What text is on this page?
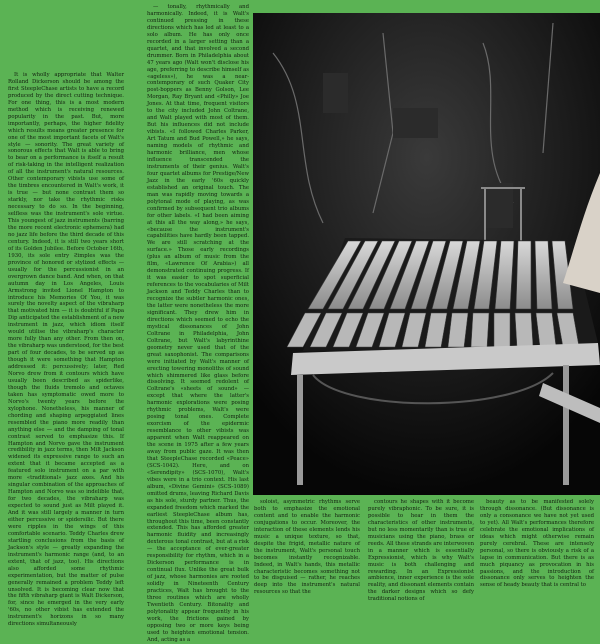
It is wholly appropriate that Walter Rolland Dickerson should be among the first SteepleChase artists to have a record produced by the direct cutting technique. For one thing, this is a most modern method which is receiving renewed popularity in the past. But, more importantly, perhaps, the higher fidelity which results means greater presence for one of the most important facets of Walt's style — sonority. The great variety of sonorous effects that Walt is able to bring to bear on a performance is itself a result of risk-taking in the intelligent realization of all the instrument's natural resources. Other contemporary vibists use some of the timbres encountered in Walt's work, it is true — but none contrast them so starkly, nor take the rhythmic risks necessary to do so. In the beginning, selfless was the instrument's sole virtue. This youngest of jazz instruments (barring the more recent electronic ephemera) had no jazz life before the third decade of this century. Indeed, it is still two years short of its Golden Jubilee. Before October 16th, 1930, its sole entry Ƨimples was the province of honored or stylized effects — usually for the percussionist in an overgrown dance band. And when, on that autumn day in Los Angeles, Louis Armstrong invited Lionel Hampton to introduce his Memories Of You, it was surely the novelty aspect of the vibraharp that motivated him — it is doubtful if Papa Dip anticipated the establishment of a new instrument in jazz, which idiom itself would utilise the vibraharp's character more fully than any other. From then on, the vibraharp was understood, for the best part of four decades, to be served up as though it were something that Hampton addressed it: percussively; later, Red Norvo drew from it contours which have usually been described as spiderlike, though the fluids tremolo and octaves taken has symptomatic owed more to Norvo's twenty years before the xylophone. Nonetheless, his manner of chording and shaping arpeggiated lines resembled the piano more readily than anything else — and the damping of tonal contrast served to emphasize this. If Hampton and Norvo gave the instrument credibility in jazz terms, then Milt Jackson widened its expressive range to such an extent that it became accepted as a featured solo instrument on a par with more «traditional» jazz axes. And his singular combination of the approaches of Hampton and Norvo was so indelible that, for two decades, the vibraharp was expected to sound just as Milt played it. And it was still largely a manner in turn either percussive or spidersilic. But there were ripples in the wings of this comfortable scenario. Teddy Charles drew startling conclusions from the basis of Jackson's style — greatly expanding the instrument's harmonic range (and, to an extent, that of jazz, too). His directions also afforded some rhythmic experimentation, but the matter of pulse generally remained a problem Teddy left unsolved. It is becoming clear now that the fifth vibraharp giant is Walt Dickerson, for, since he emerged in the very early '60s, no other vibist has extended the instrument's horizons in so many directions simultaneously

— tonally, rhythmically and harmonically. Indeed, it is Walt's continued pressing in these directions which has led at least to a solo album. He has only once recorded in a larger setting than a quartet, and that involved a second drummer. Born in Philadelphia about 47 years ago (Walt won't disclose his age, preferring to describe himself as «ageless»), he was a near-contemporary of such Quaker City post-boppers as Benny Golson, Lee Morgan, Ray Bryant and «Philly» Joe Jones. At that time, frequent visitors to the city included John Coltrane, and Walt played with most of them. But his influences did not include vibists. «I followed Charles Parker, Art Tatum and Bud Powell,» he says, naming models of rhythmic and harmonic brilliance, men whose influence transcended the instruments of their genius. Walt's four quartet albums for Prestige/New Jazz in the early '60s quickly established an original touch. The man was rapidly moving towards a polytonal mode of playing, as was confirmed by subsequent trio albums for other labels. «I had been aiming at this all the way along,» he says, «because the instrument's capabilities have hardly been tapped. We are still scratching at the surface.» Those early recordings (plus an album of music from the film, «Lawrence Of Arabia») all demonstrated continuing progress. If it was easier to spot superficial references to the vocabularies of Milt Jackson and Teddy Charles than to recognize the subtler harmonic ones, the latter were nonetheless the more significant. They drew him in directions which seemed to echo the mystical dissonances of John Coltrane in Philadelphia, John Coltrane, but Walt's labyrinthine geometry never used that of the great saxophonist. The comparisons were initiated by Walt's manner of erecting towering monoliths of sound which shimmered like glass before dissolving. It seemed redolent of Coltrane's «sheets of sound» — except that where the latter's harmonic explorations were posing rhythmic problems, Walt's were posing tonal ones. Complete exorcism of the epidermic resemblance to other vibists was apparent when Walt reappeared on the scene in 1975 after a few years away from public gaze. It was then that SteepleChase recorded «Peace» (SCS-1042). Here, and on «Serendipity» (SCS-1070), Walt's vibes were in a trio context. His last album, «Divine Gemini» (SCS-1089) omitted drums, leaving Richard Davis as his sole, sturdy partner. Thus, the expanded freedom which marked the earliest SteepleChase album has, throughout this time, been constantly extended. This has afforded greater harmonic fluidity and increasingly dexterous tonal contrast, but at a risk — the acceptance of ever-greater responsibility for rhythm, which in a Dickerson performance is in continual flux. Unlike the great bulk of jazz, whose harmonies are rooted solidly in Nineteenth Century practices, Walt has brought to the three routines which are wholly Twentieth Century. Bitonality and polytonality appear frequently in his work, the frictions gained by opposing two or more keys being used to heighten emotional tension. And, acting as a

soloist, asymmetric rhythms serve both to emphasize the emotional content and to enable the harmonic conjugations to occur. Moreover, the interaction of these elements lends his music a unique texture, so that, despite the frigid, metallic nature of the instrument, Walt's personal touch becomes instantly recognizable. Indeed, in Walt's hands, this metallic characteristic becomes something not to be disguised — rather, he reaches deep into the instrument's natural resources so that the

contours he shapes with it become purely vibraphonic. To be sure, it is possible to hear in them the characteristics of other instruments, but no less momentarily than is true of musicians using the piano, brass or reeds. All these strands are interwoven in a manner which is essentially Expressionist, which is why Walt's music is both challenging and rewarding. In an Expressionist ambience, inner experience is the sole reality, and dissonant elements contain the darker designs which so defy traditional notions of

beauty as to be manifested solely through dissonance. (But dissonance is only a consonance we have not yet used to yet). All Walt's performances therefore celebrate the emotional implications of ideas which might otherwise remain purely cerebral. These are intensely personal, so there is obviously a risk of a lapse in communication. But there is as much piquancy as provocation in his passions, and the introduction of dissonance only serves to heighten the sense of heady beauty that is central to
